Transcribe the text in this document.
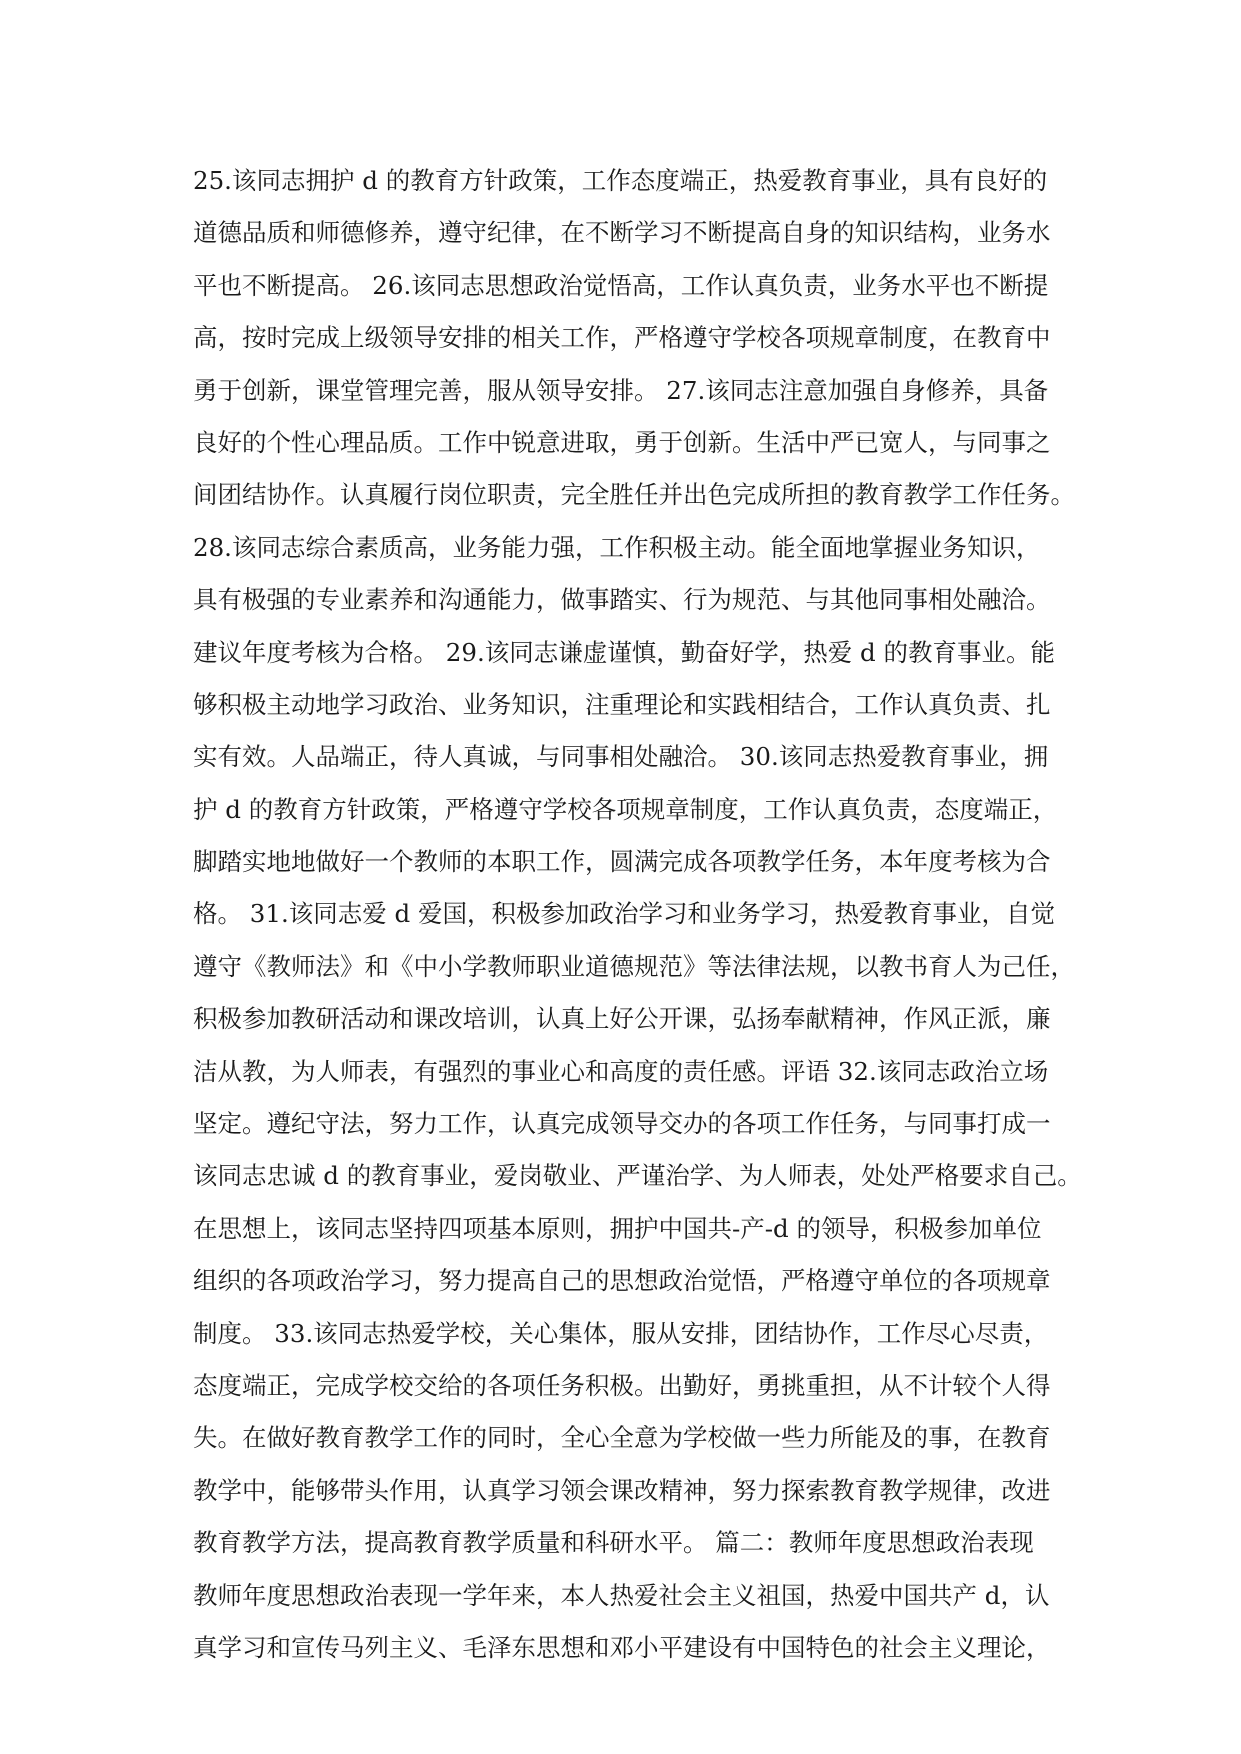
25.该同志拥护 d 的教育方针政策，工作态度端正，热爱教育事业，具有良好的
道德品质和师德修养，遵守纪律，在不断学习不断提高自身的知识结构，业务水
平也不断提高。 26.该同志思想政治觉悟高，工作认真负责，业务水平也不断提
高，按时完成上级领导安排的相关工作，严格遵守学校各项规章制度，在教育中
勇于创新，课堂管理完善，服从领导安排。 27.该同志注意加强自身修养，具备
良好的个性心理品质。工作中锐意进取，勇于创新。生活中严已宽人，与同事之
间团结协作。认真履行岗位职责，完全胜任并出色完成所担的教育教学工作任务。
28.该同志综合素质高，业务能力强，工作积极主动。能全面地掌握业务知识，
具有极强的专业素养和沟通能力，做事踏实、行为规范、与其他同事相处融洽。
建议年度考核为合格。 29.该同志谦虚谨慎，勤奋好学，热爱 d 的教育事业。能
够积极主动地学习政治、业务知识，注重理论和实践相结合，工作认真负责、扎
实有效。人品端正，待人真诚，与同事相处融洽。 30.该同志热爱教育事业，拥
护 d 的教育方针政策，严格遵守学校各项规章制度，工作认真负责，态度端正，
脚踏实地地做好一个教师的本职工作，圆满完成各项教学任务，本年度考核为合
格。 31.该同志爱 d 爱国，积极参加政治学习和业务学习，热爱教育事业，自觉
遵守《教师法》和《中小学教师职业道德规范》等法律法规，以教书育人为己任，
积极参加教研活动和课改培训，认真上好公开课，弘扬奉献精神，作风正派，廉
洁从教，为人师表，有强烈的事业心和高度的责任感。评语 32.该同志政治立场
坚定。遵纪守法，努力工作，认真完成领导交办的各项工作任务，与同事打成一
该同志忠诚 d 的教育事业，爱岗敬业、严谨治学、为人师表，处处严格要求自己。
在思想上，该同志坚持四项基本原则，拥护中国共-产-d 的领导，积极参加单位
组织的各项政治学习，努力提高自己的思想政治觉悟，严格遵守单位的各项规章
制度。 33.该同志热爱学校，关心集体，服从安排，团结协作，工作尽心尽责，
态度端正，完成学校交给的各项任务积极。出勤好，勇挑重担，从不计较个人得
失。在做好教育教学工作的同时，全心全意为学校做一些力所能及的事，在教育
教学中，能够带头作用，认真学习领会课改精神，努力探索教育教学规律，改进
教育教学方法，提高教育教学质量和科研水平。 篇二：教师年度思想政治表现
教师年度思想政治表现一学年来，本人热爱社会主义祖国，热爱中国共产 d，认
真学习和宣传马列主义、毛泽东思想和邓小平建设有中国特色的社会主义理论，
